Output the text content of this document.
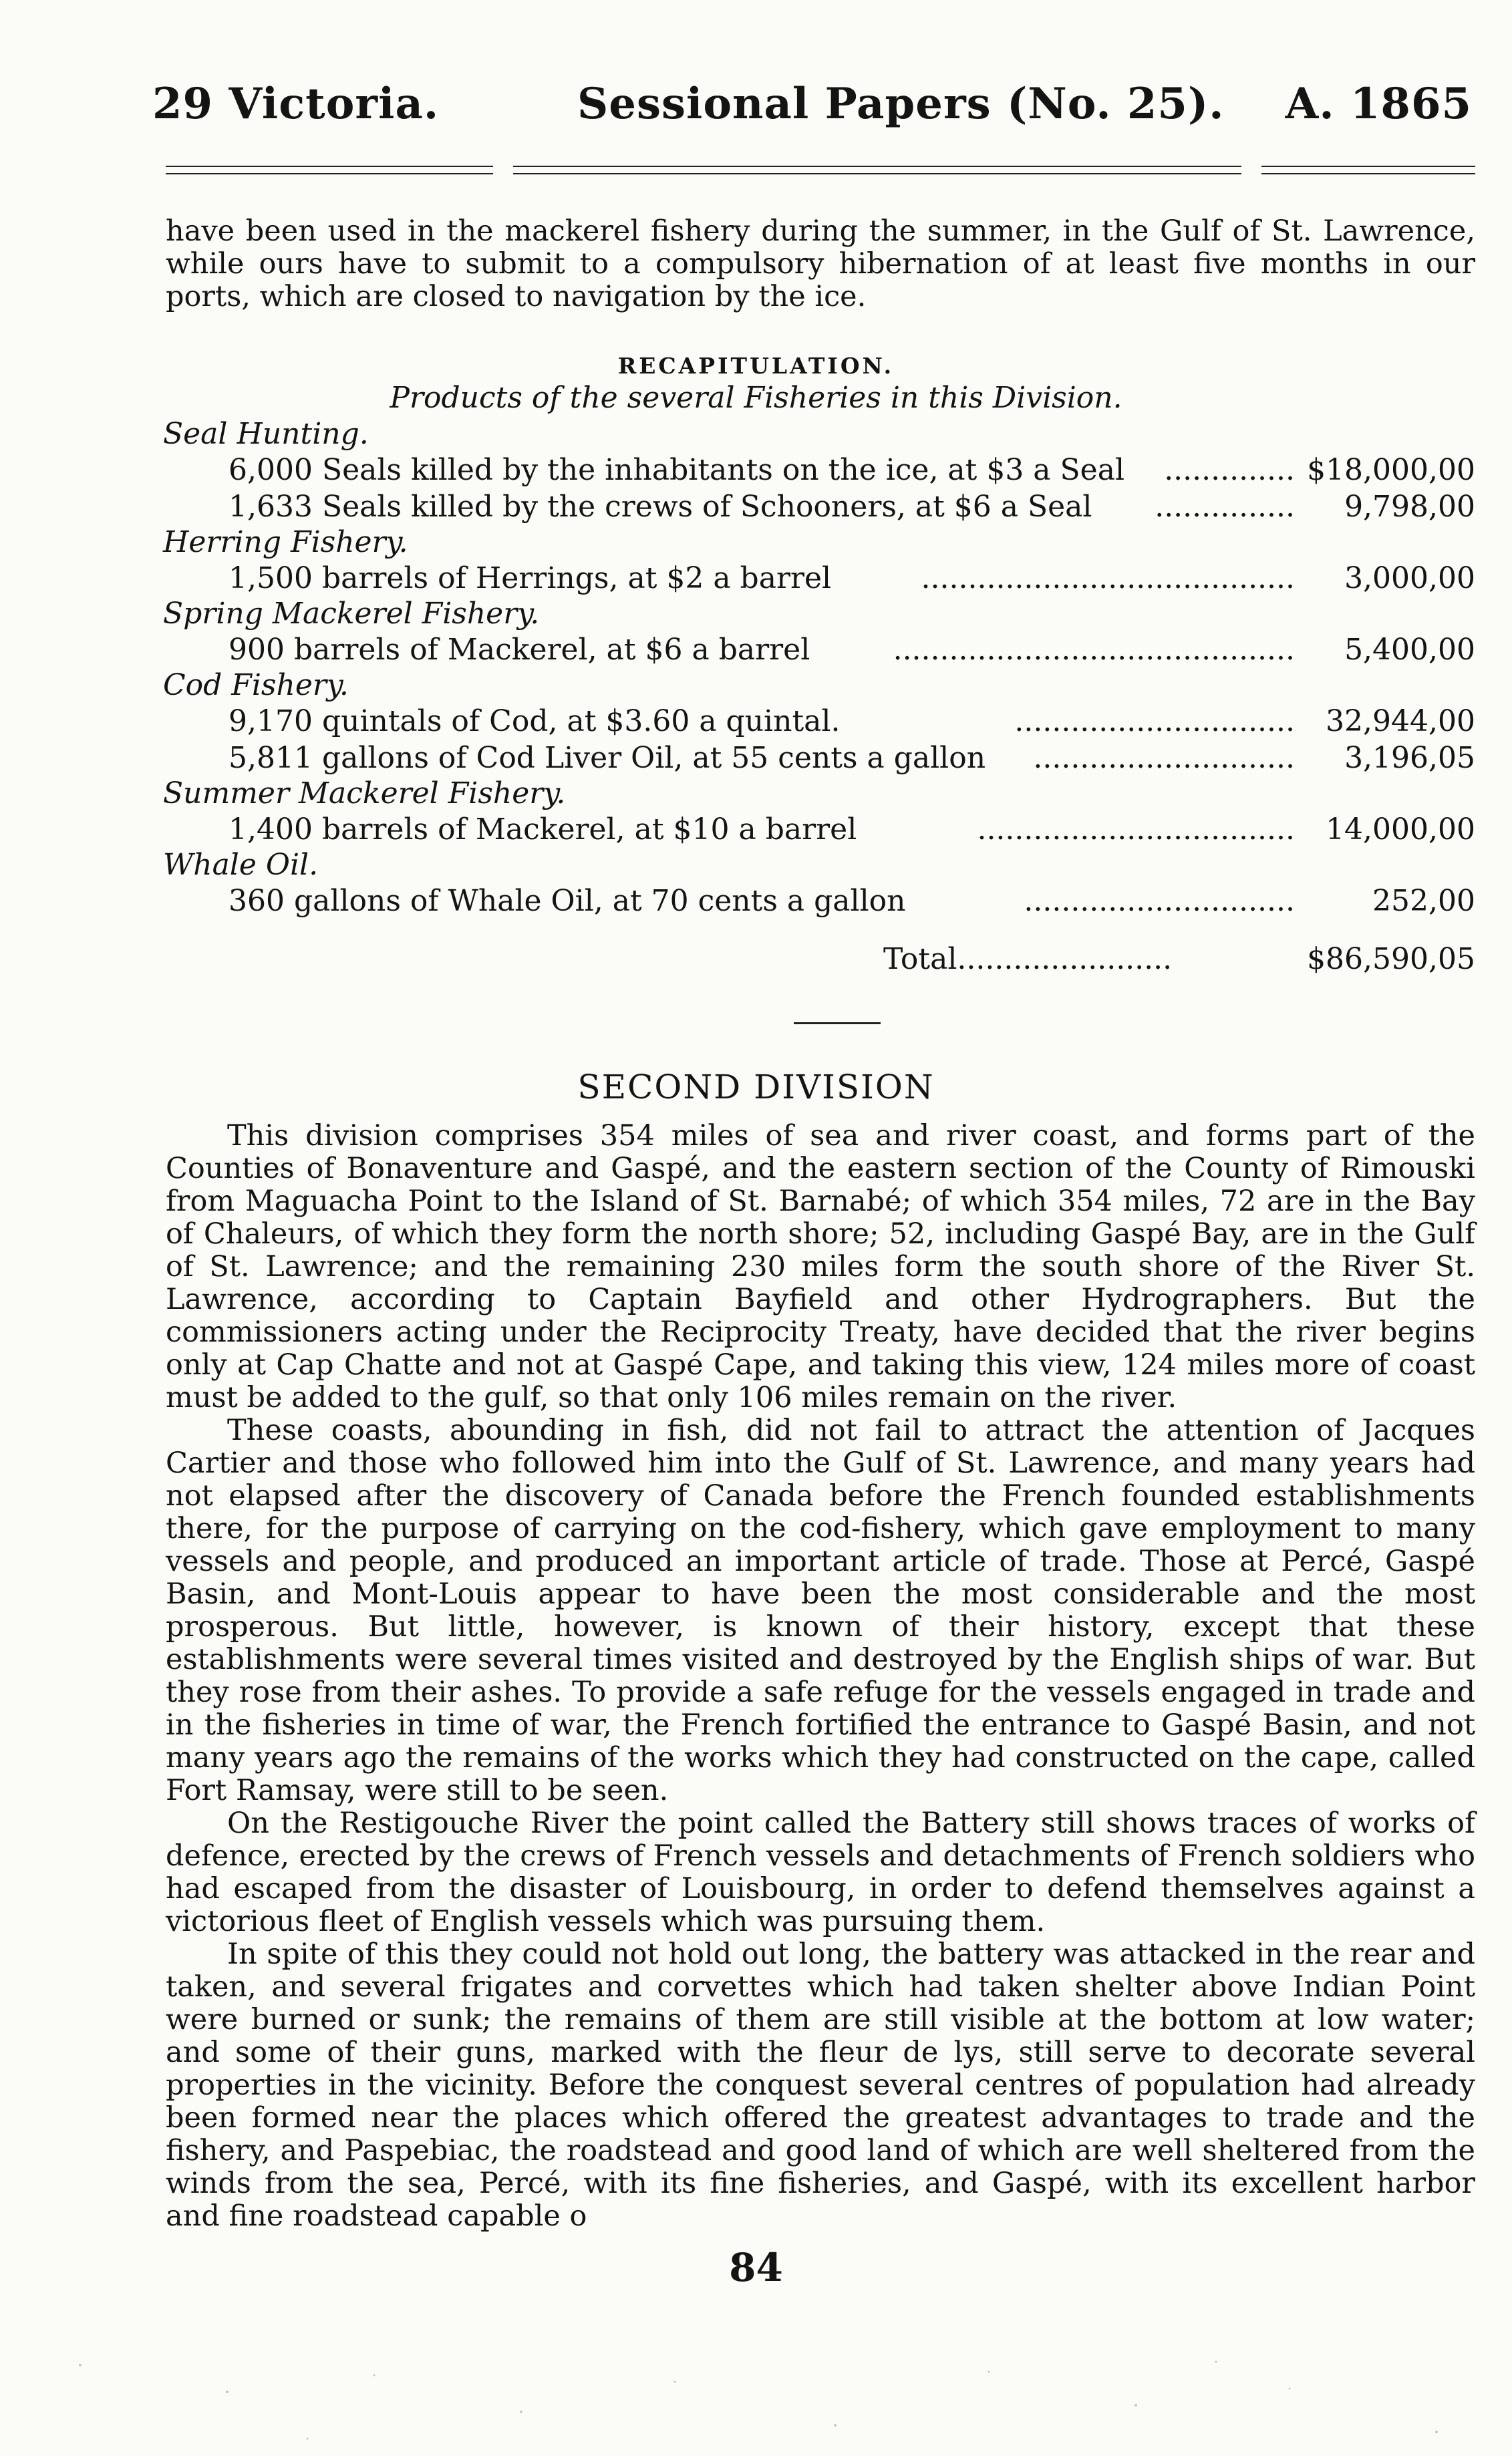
29 Victoria.	Sessional Papers (No. 25). A. 1865

have been used in the mackerel fishery during the summer, in the Gulf of St. Lawrence, while ours have to submit to a compulsory hibernation of at least five months in our ports, which are closed to navigation by the ice.

RECAPITULATION.
Products of the several Fisheries in this Division.
Seal Hunting.
6,000 Seals killed by the inhabitants on the ice, at $3 a Seal .............. $18,000,00
1,633 Seals killed by the crews of Schooners, at $6 a Seal ............... 9,798,00
Herring Fishery.
1,500 barrels of Herrings, at $2 a barrel	........................................ 3,000,00
Spring Mackerel Fishery.
900 barrels of Mackerel, at $6 a barrel	........................................... 5,400,00
Cod Fishery.
9,170 quintals of Cod, at $3.60 a quintal.	.............................. 32,944,00
5,811 gallons of Cod Liver Oil, at 55 cents a gallon ............................ 3,196,05
Summer Mackerel Fishery.
1,400 barrels of Mackerel, at $10 a barrel	.................................. 14,000,00
Whale Oil.
360 gallons of Whale Oil, at 70 cents a gallon	.............................	252,00
Total.......................	$86,590,05
SECOND DIVISION

This division comprises 354 miles of sea and river coast, and forms part of the Counties of Bonaventure and Gaspé, and the eastern section of the County of Rimouski from Maguacha Point to the Island of St. Barnabé; of which 354 miles, 72 are in the Bay of Chaleurs, of which they form the north shore; 52, including Gaspé Bay, are in the Gulf of St. Lawrence; and the remaining 230 miles form the south shore of the River St. Lawrence, according to Captain Bayfield and other Hydrographers. But the commissioners acting under the Reciprocity Treaty, have decided that the river begins only at Cap Chatte and not at Gaspé Cape, and taking this view, 124 miles more of coast must be added to the gulf, so that only 106 miles remain on the river.

These coasts, abounding in fish, did not fail to attract the attention of Jacques Cartier and those who followed him into the Gulf of St. Lawrence, and many years had not elapsed after the discovery of Canada before the French founded establishments there, for the purpose of carrying on the cod-fishery, which gave employment to many vessels and people, and produced an important article of trade. Those at Percé, Gaspé Basin, and Mont-Louis appear to have been the most considerable and the most prosperous. But little, however, is known of their history, except that these establishments were several times visited and destroyed by the English ships of war. But they rose from their ashes. To provide a safe refuge for the vessels engaged in trade and in the fisheries in time of war, the French fortified the entrance to Gaspé Basin, and not many years ago the remains of the works which they had constructed on the cape, called Fort Ramsay, were still to be seen.

On the Restigouche River the point called the Battery still shows traces of works of defence, erected by the crews of French vessels and detachments of French soldiers who had escaped from the disaster of Louisbourg, in order to defend themselves against a victorious fleet of English vessels which was pursuing them.

In spite of this they could not hold out long, the battery was attacked in the rear and taken, and several frigates and corvettes which had taken shelter above Indian Point were burned or sunk; the remains of them are still visible at the bottom at low water; and some of their guns, marked with the fleur de lys, still serve to decorate several properties in the vicinity. Before the conquest several centres of population had already been formed near the places which offered the greatest advantages to trade and the fishery, and Paspebiac, the roadstead and good land of which are well sheltered from the winds from the sea, Percé, with its fine fisheries, and Gaspé, with its excellent harbor and fine roadstead capable o

84
